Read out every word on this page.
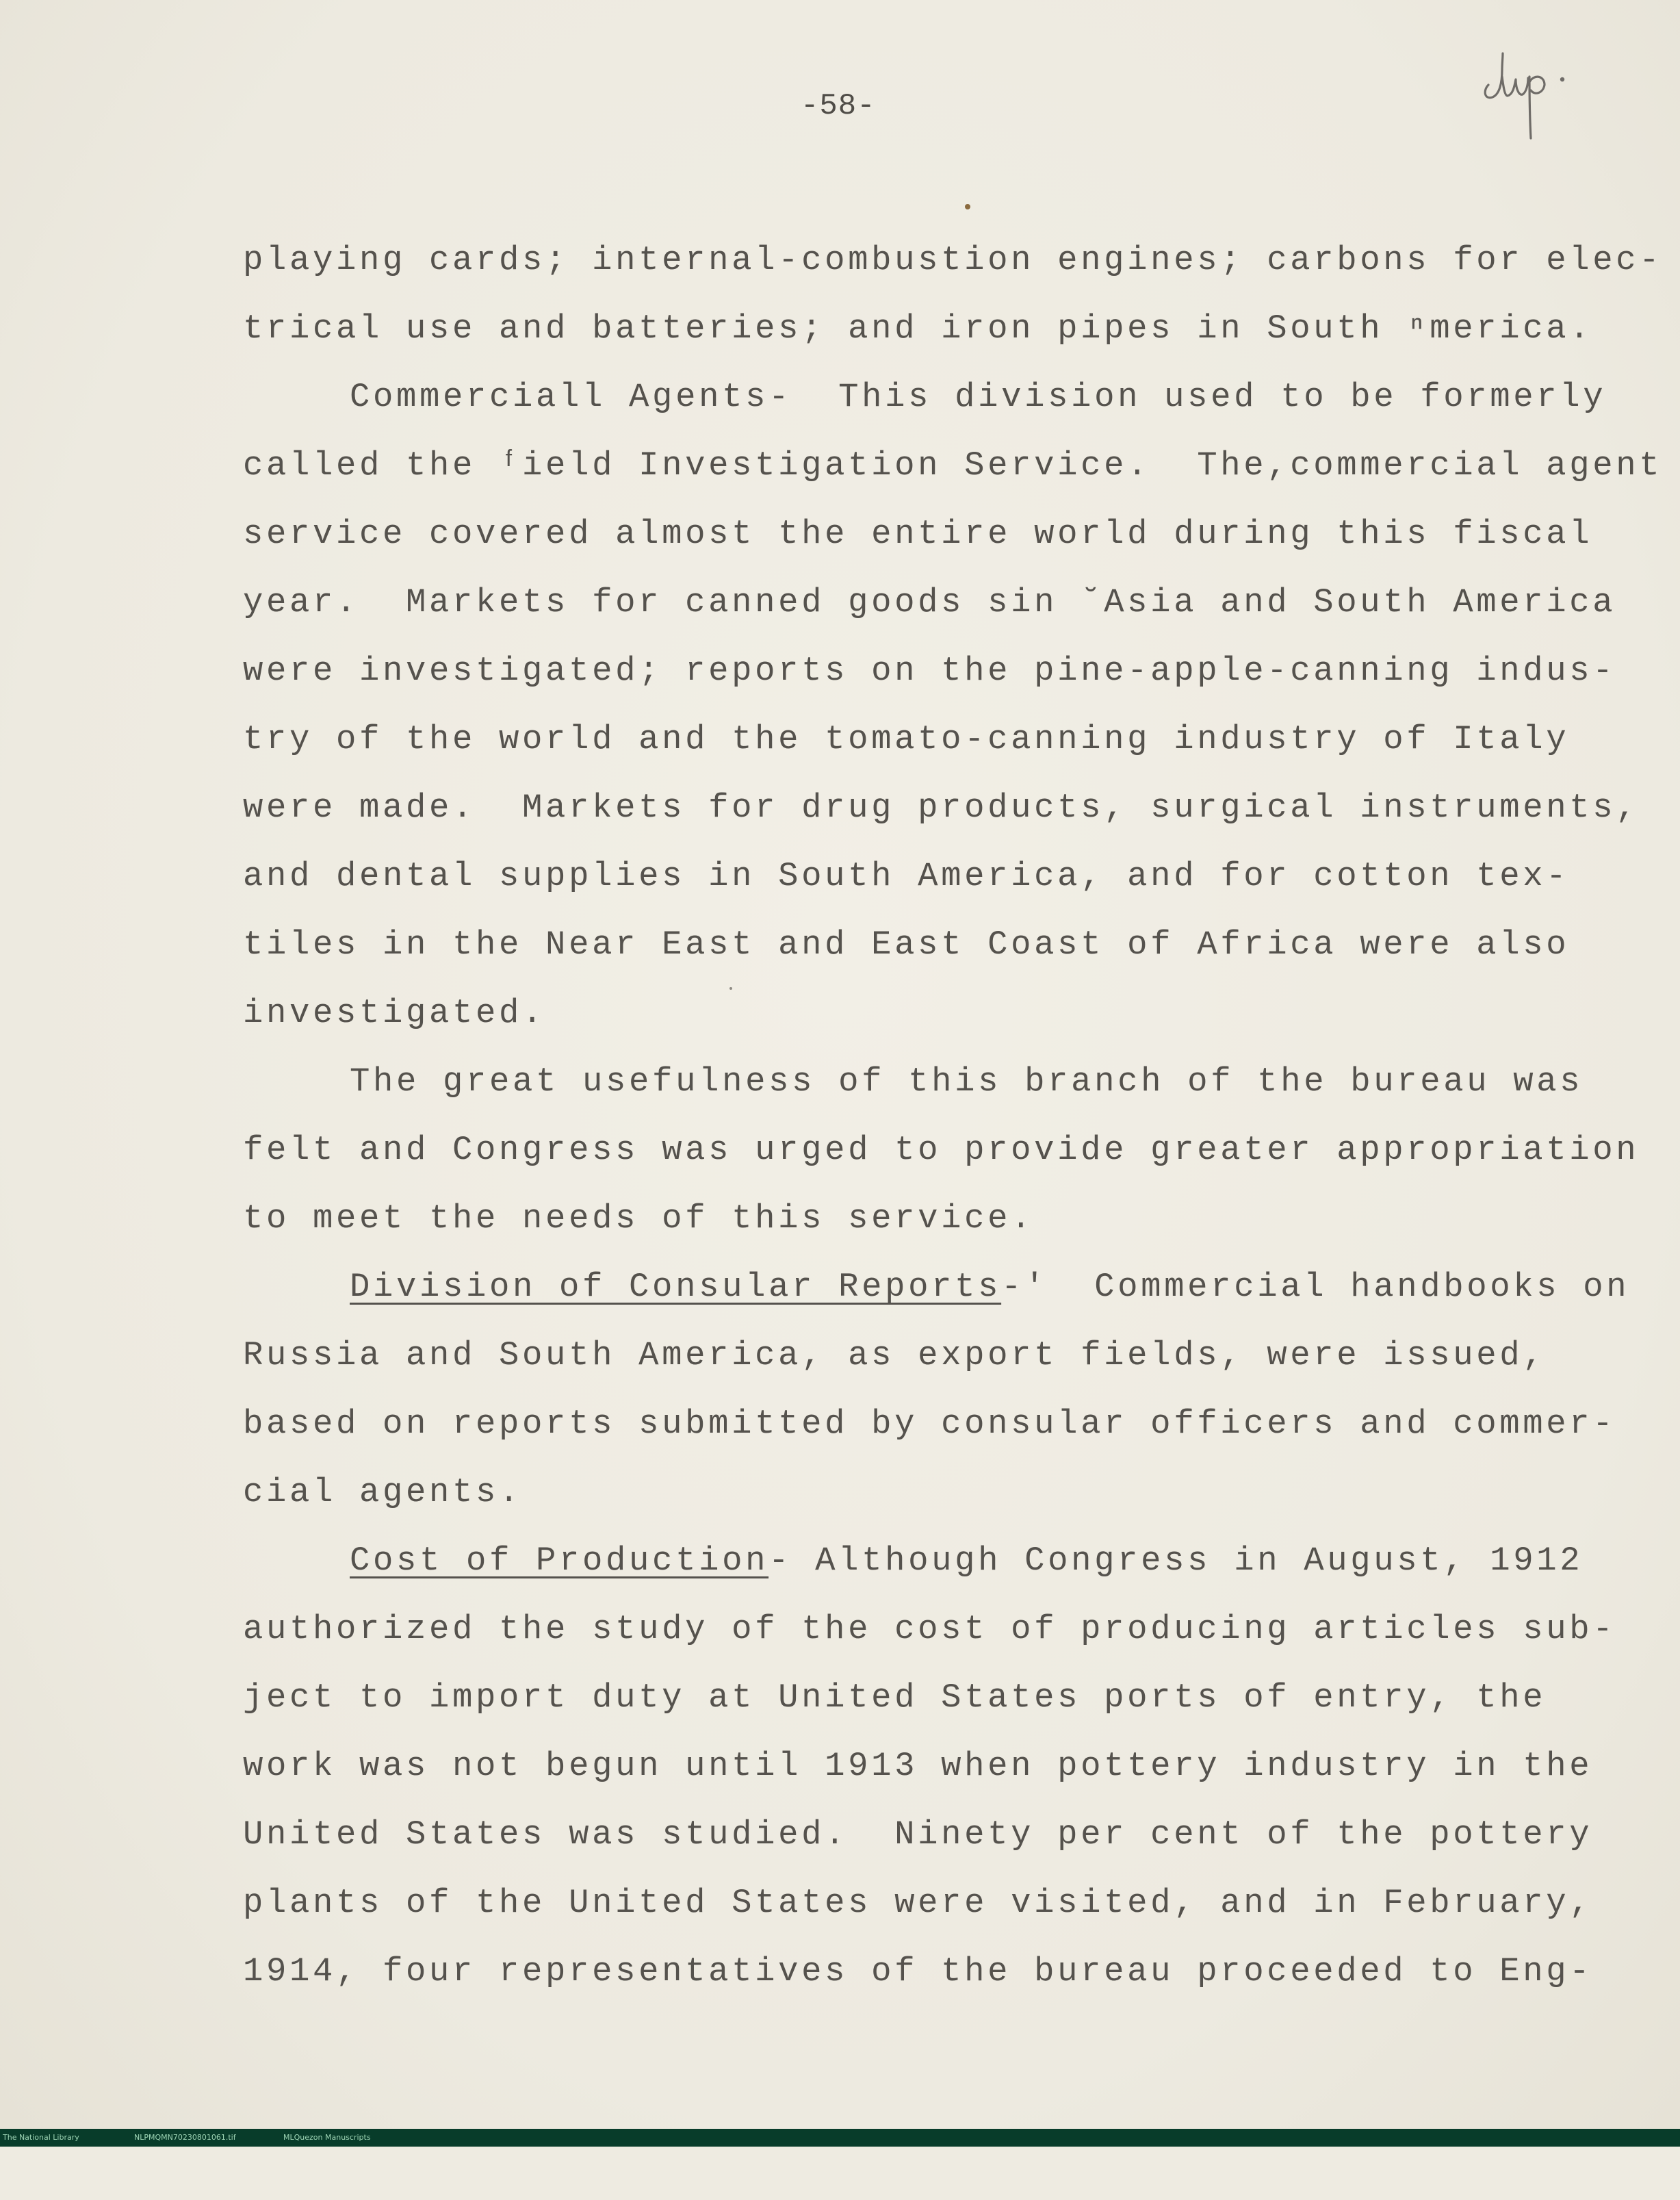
-58-
playing cards; internal-combustion engines; carbons for elec-
trical use and batteries; and iron pipes in South ⁿmerica.
Commerciall Agents-  This division used to be formerly
called the ᶠield Investigation Service.  The,commercial agent
service covered almost the entire world during this fiscal
year.  Markets for canned goods sin ˘Asia and South America
were investigated; reports on the pine-apple-canning indus-
try of the world and the tomato-canning industry of Italy
were made.  Markets for drug products, surgical instruments,
and dental supplies in South America, and for cotton tex-
tiles in the Near East and East Coast of Africa were also
investigated.
The great usefulness of this branch of the bureau was
felt and Congress was urged to provide greater appropriation
to meet the needs of this service.
Division of Consular Reports-'  Commercial handbooks on
Russia and South America, as export fields, were issued,
based on reports submitted by consular officers and commer-
cial agents.
Cost of Production- Although Congress in August, 1912
authorized the study of the cost of producing articles sub-
ject to import duty at United States ports of entry, the
work was not begun until 1913 when pottery industry in the
United States was studied.  Ninety per cent of the pottery
plants of the United States were visited, and in February,
1914, four representatives of the bureau proceeded to Eng-

The National Library

	NLPMQMN70230801061.tif

	MLQuezon Manuscripts
